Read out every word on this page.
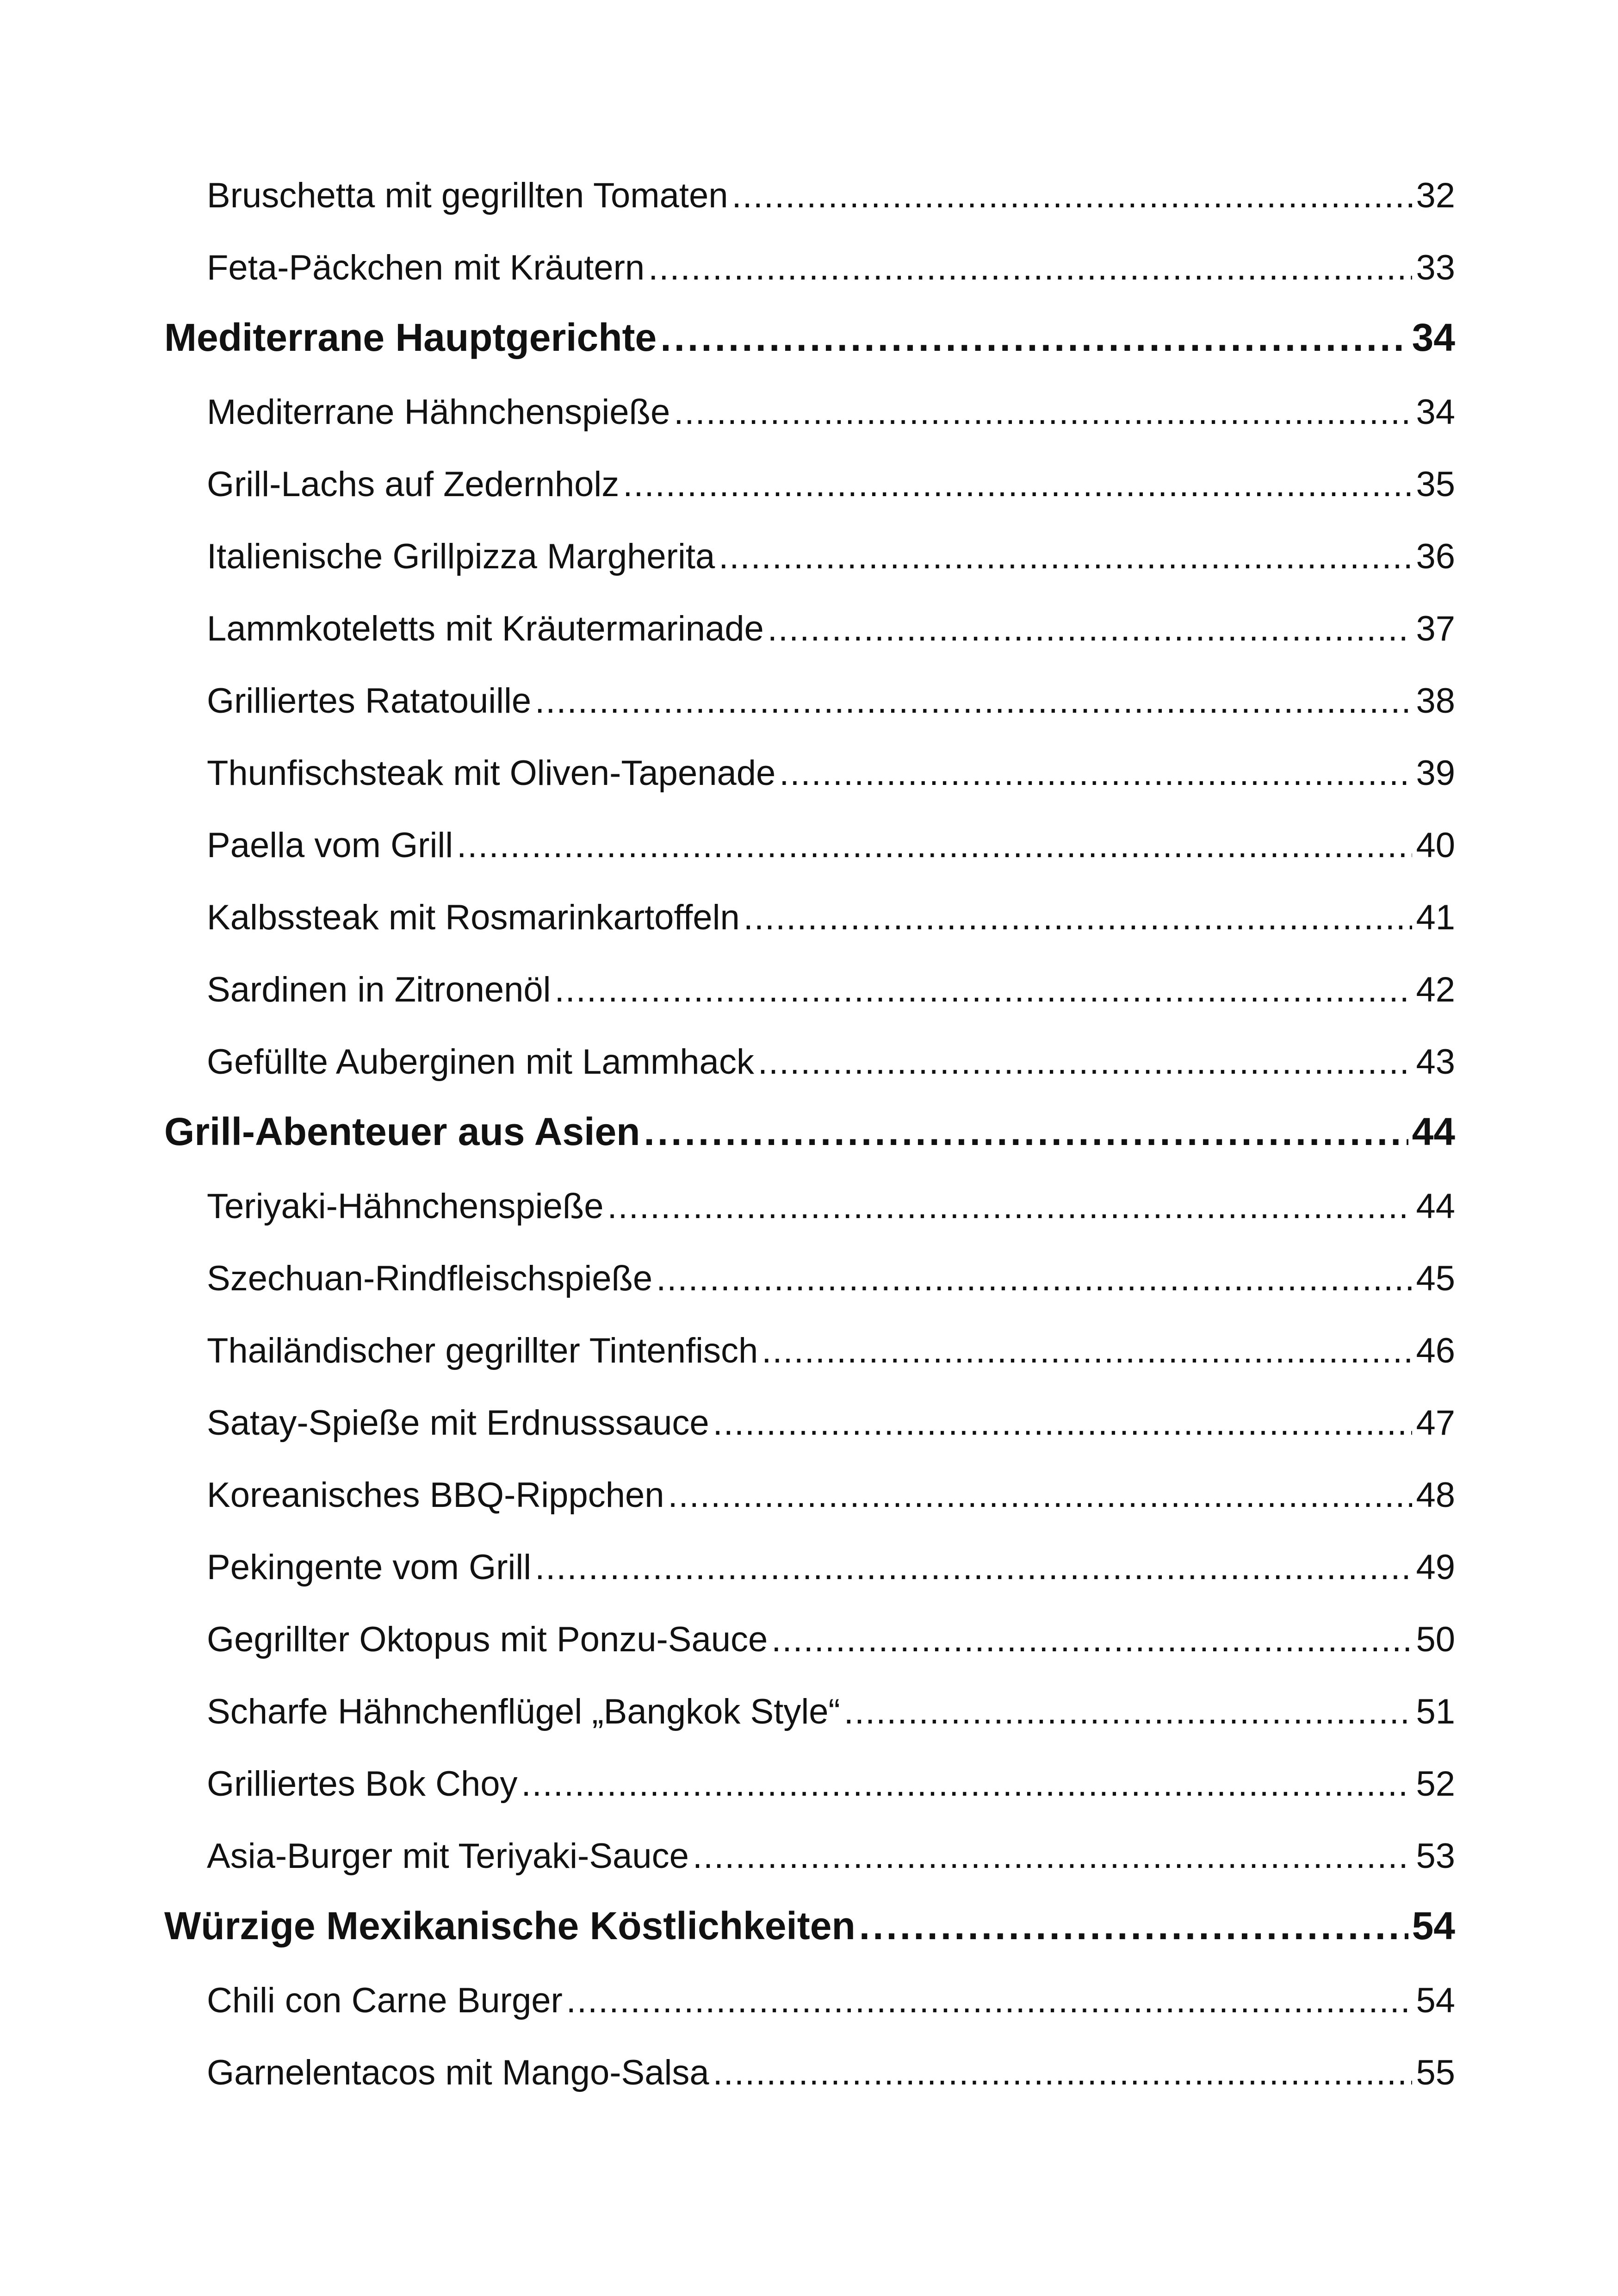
Bruschetta mit gegrillten Tomaten .....	32
Feta-Päckchen mit Kräutern .....	33
Mediterrane Hauptgerichte .....	34
Mediterrane Hähnchenspieße .....	34
Grill-Lachs auf Zedernholz .....	35
Italienische Grillpizza Margherita .....	36
Lammkoteletts mit Kräutermarinade .....	37
Grilliertes Ratatouille .....	38
Thunfischsteak mit Oliven-Tapenade .....	39
Paella vom Grill .....	40
Kalbssteak mit Rosmarinkartoffeln .....	41
Sardinen in Zitronenöl .....	42
Gefüllte Auberginen mit Lammhack .....	43
Grill-Abenteuer aus Asien .....	44
Teriyaki-Hähnchenspieße .....	44
Szechuan-Rindfleischspieße .....	45
Thailändischer gegrillter Tintenfisch .....	46
Satay-Spieße mit Erdnusssauce .....	47
Koreanisches BBQ-Rippchen .....	48
Pekingente vom Grill .....	49
Gegrillter Oktopus mit Ponzu-Sauce .....	50
Scharfe Hähnchenflügel „Bangkok Style“ .....	51
Grilliertes Bok Choy .....	52
Asia-Burger mit Teriyaki-Sauce .....	53
Würzige Mexikanische Köstlichkeiten .....	54
Chili con Carne Burger .....	54
Garnelentacos mit Mango-Salsa .....	55
